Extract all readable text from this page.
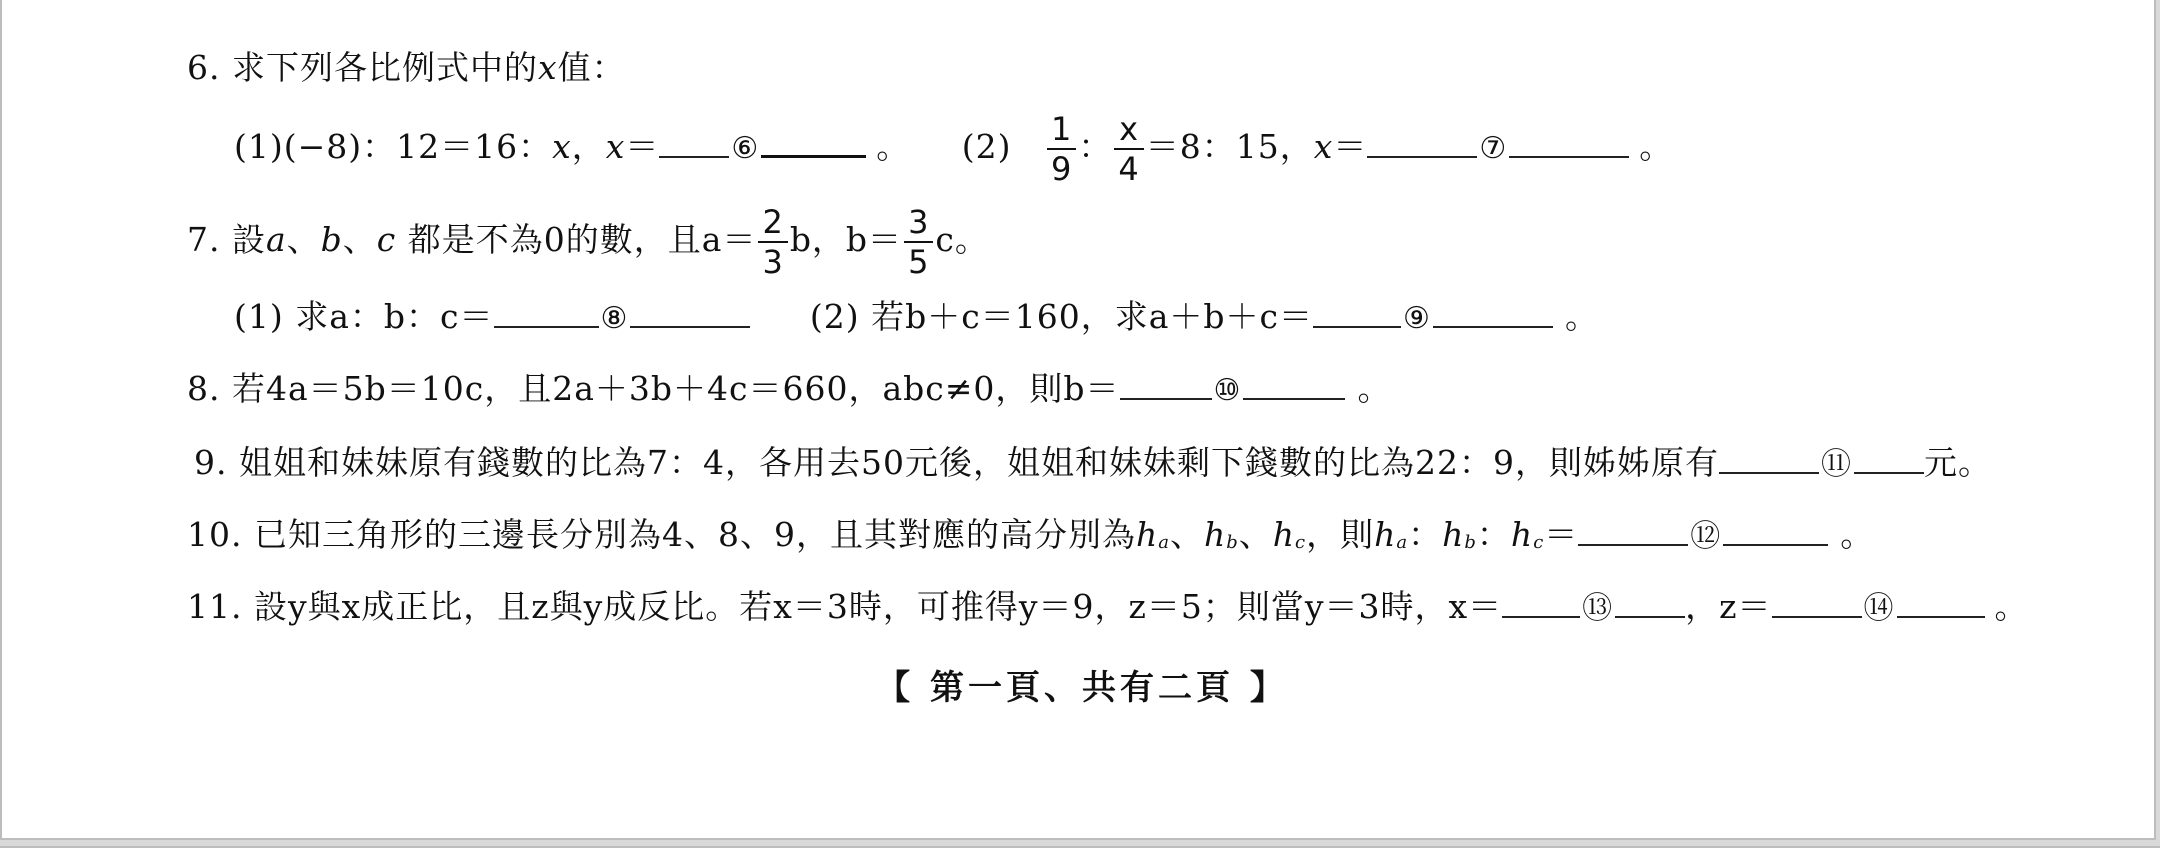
6. 求下列各比例式中的x值：
(1)(−8)：12＝16：x，x＝ ⑥	。 $(2) \frac{1}{9}$ ： $\frac{x}{4} =8$：15，x＝	⑦	。
7. 設a、b、c 都是不為0的數，且$a= \frac{2}{3}$ b，$b= \frac{3}{5}$ c。
(1) 求a：b：c＝	⑧	(2) 若b＋c＝160，求a＋b＋c＝	⑨	。
8. 若4a＝5b＝10c，且2a＋3b＋4c＝660，abc≠0，則b＝	⑩	。
9. 姐姐和妹妹原有錢數的比為7：4，各用去50元後，姐姐和妹妹剩下錢數的比為22：9，則姊姊原有	⑪ 元。
10. 已知三角形的三邊長分別為4、8、9，且其對應的高分別為ha、hb、hc，則ha：hb：hc＝	⑫	。
11. 設y與x成正比，且z與y成反比。若x＝3時，可推得y＝9，z＝5；則當y＝3時，x＝	⑬ ，z＝	⑭	。
【 第一頁、共有二頁 】
